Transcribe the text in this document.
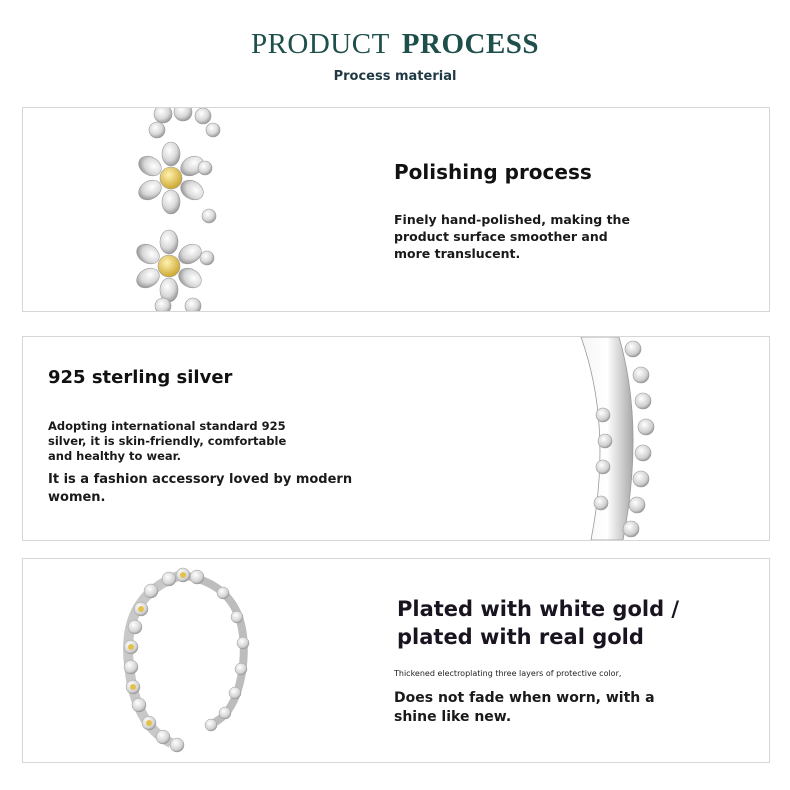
PRODUCT PROCESS
Process material
Polishing process
Finely hand-polished, making the product surface smoother and more translucent.
925 sterling silver
Adopting international standard 925 silver, it is skin-friendly, comfortable and healthy to wear.
It is a fashion accessory loved by modern women.
Plated with white gold / plated with real gold
Thickened electroplating three layers of protective color,
Does not fade when worn, with a shine like new.
